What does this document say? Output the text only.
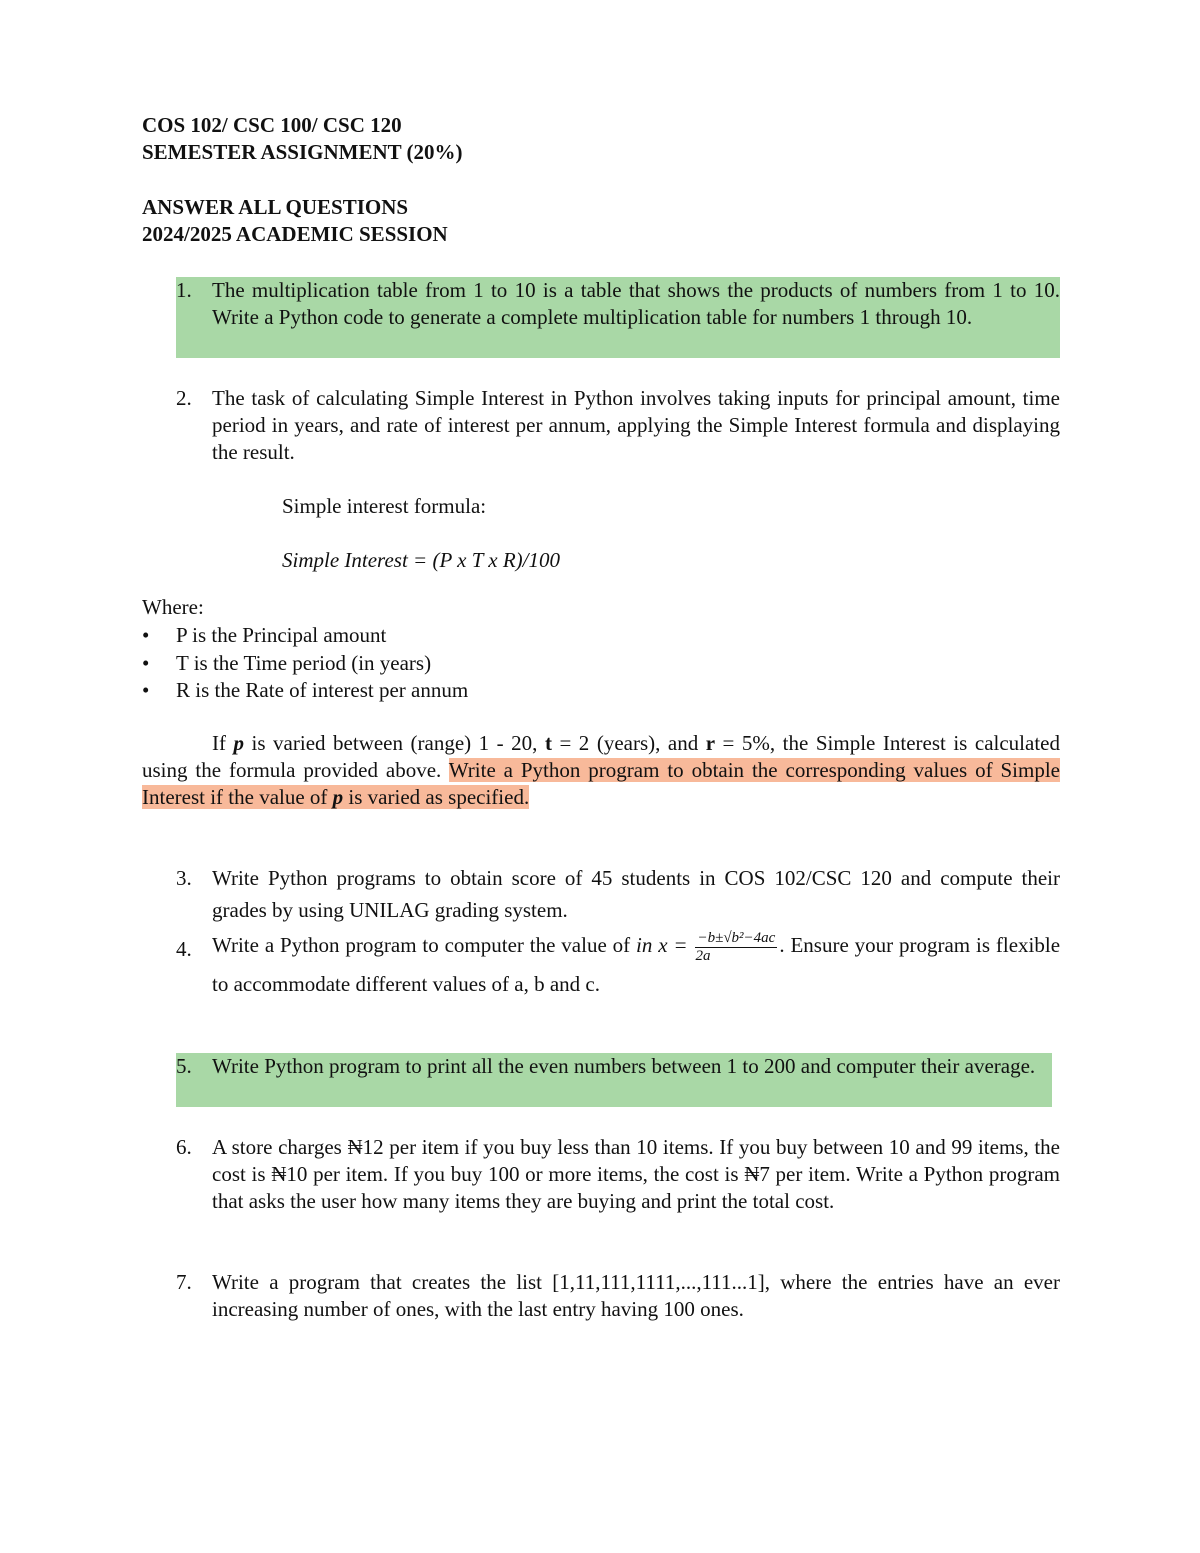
COS 102/ CSC 100/ CSC 120
SEMESTER ASSIGNMENT (20%)
ANSWER ALL QUESTIONS
2024/2025 ACADEMIC SESSION
1. The multiplication table from 1 to 10 is a table that shows the products of numbers from 1 to 10. Write a Python code to generate a complete multiplication table for numbers 1 through 10.
2. The task of calculating Simple Interest in Python involves taking inputs for principal amount, time period in years, and rate of interest per annum, applying the Simple Interest formula and displaying the result.
Simple interest formula:
Simple Interest = (P x T x R)/100
Where:
• P is the Principal amount
• T is the Time period (in years)
• R is the Rate of interest per annum
If p is varied between (range) 1 - 20, t = 2 (years), and r = 5%, the Simple Interest is calculated using the formula provided above. Write a Python program to obtain the corresponding values of Simple Interest if the value of p is varied as specified.
3. Write Python programs to obtain score of 45 students in COS 102/CSC 120 and compute their grades by using UNILAG grading system.
4. Write a Python program to computer the value of in $x = \frac{\text{−b±√b²−4ac}}{2a}$ . Ensure your program is flexible to accommodate different values of a, b and c.
5. Write Python program to print all the even numbers between 1 to 200 and computer their average.
6. A store charges ₦12 per item if you buy less than 10 items. If you buy between 10 and 99 items, the cost is ₦10 per item. If you buy 100 or more items, the cost is ₦7 per item. Write a Python program that asks the user how many items they are buying and print the total cost.
7. Write a program that creates the list [1,11,111,1111,...,111...1], where the entries have an ever increasing number of ones, with the last entry having 100 ones.
